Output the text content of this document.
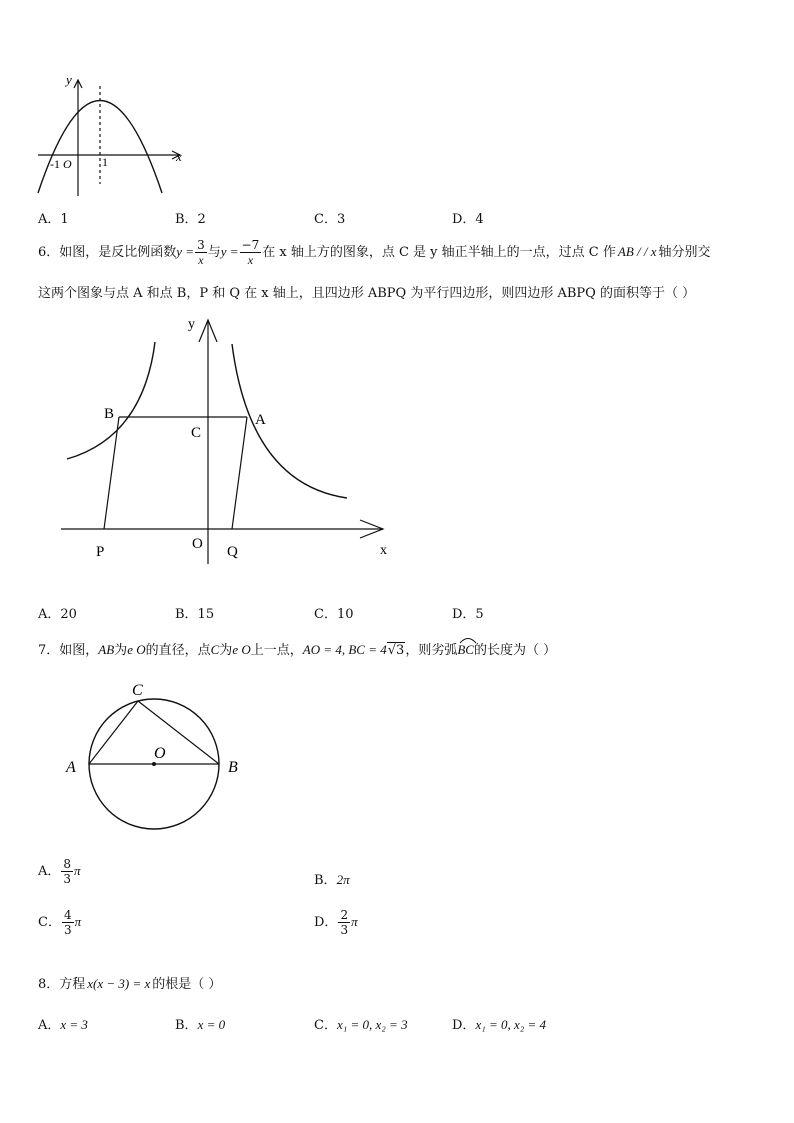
y
x
-1 O	1
A．1	B．2	C．3	D．4
6．如图，是反比例函数$y = \frac{3}{x}$ 与$y = \frac{-7}{x}$ 在 x 轴上方的图象，点 C 是 y 轴正半轴上的一点，过点 C 作 AB / / x 轴分别交
这两个图象与点 A 和点 B，P 和 Q 在 x 轴上，且四边形 ABPQ 为平行四边形，则四边形 ABPQ 的面积等于（ ）
y
x
B	A
C
O
P	Q
A．20	B．15	C．10	D．5
7．如图，AB为e O的直径，点C为e O上一点，AO = 4, BC = 4√3，则劣弧
BC的长度为（ ）
C
O
A	B
A． $\frac{8}{3}$ π
B．2π
C． $\frac{4}{3}$ π	D． $\frac{2}{3}$ π
8．方程 x(x − 3) = x 的根是（ ）
A．x = 3	B．x = 0	C．x₁ = 0, x₂ = 3	D．x₁ = 0, x₂ = 4
